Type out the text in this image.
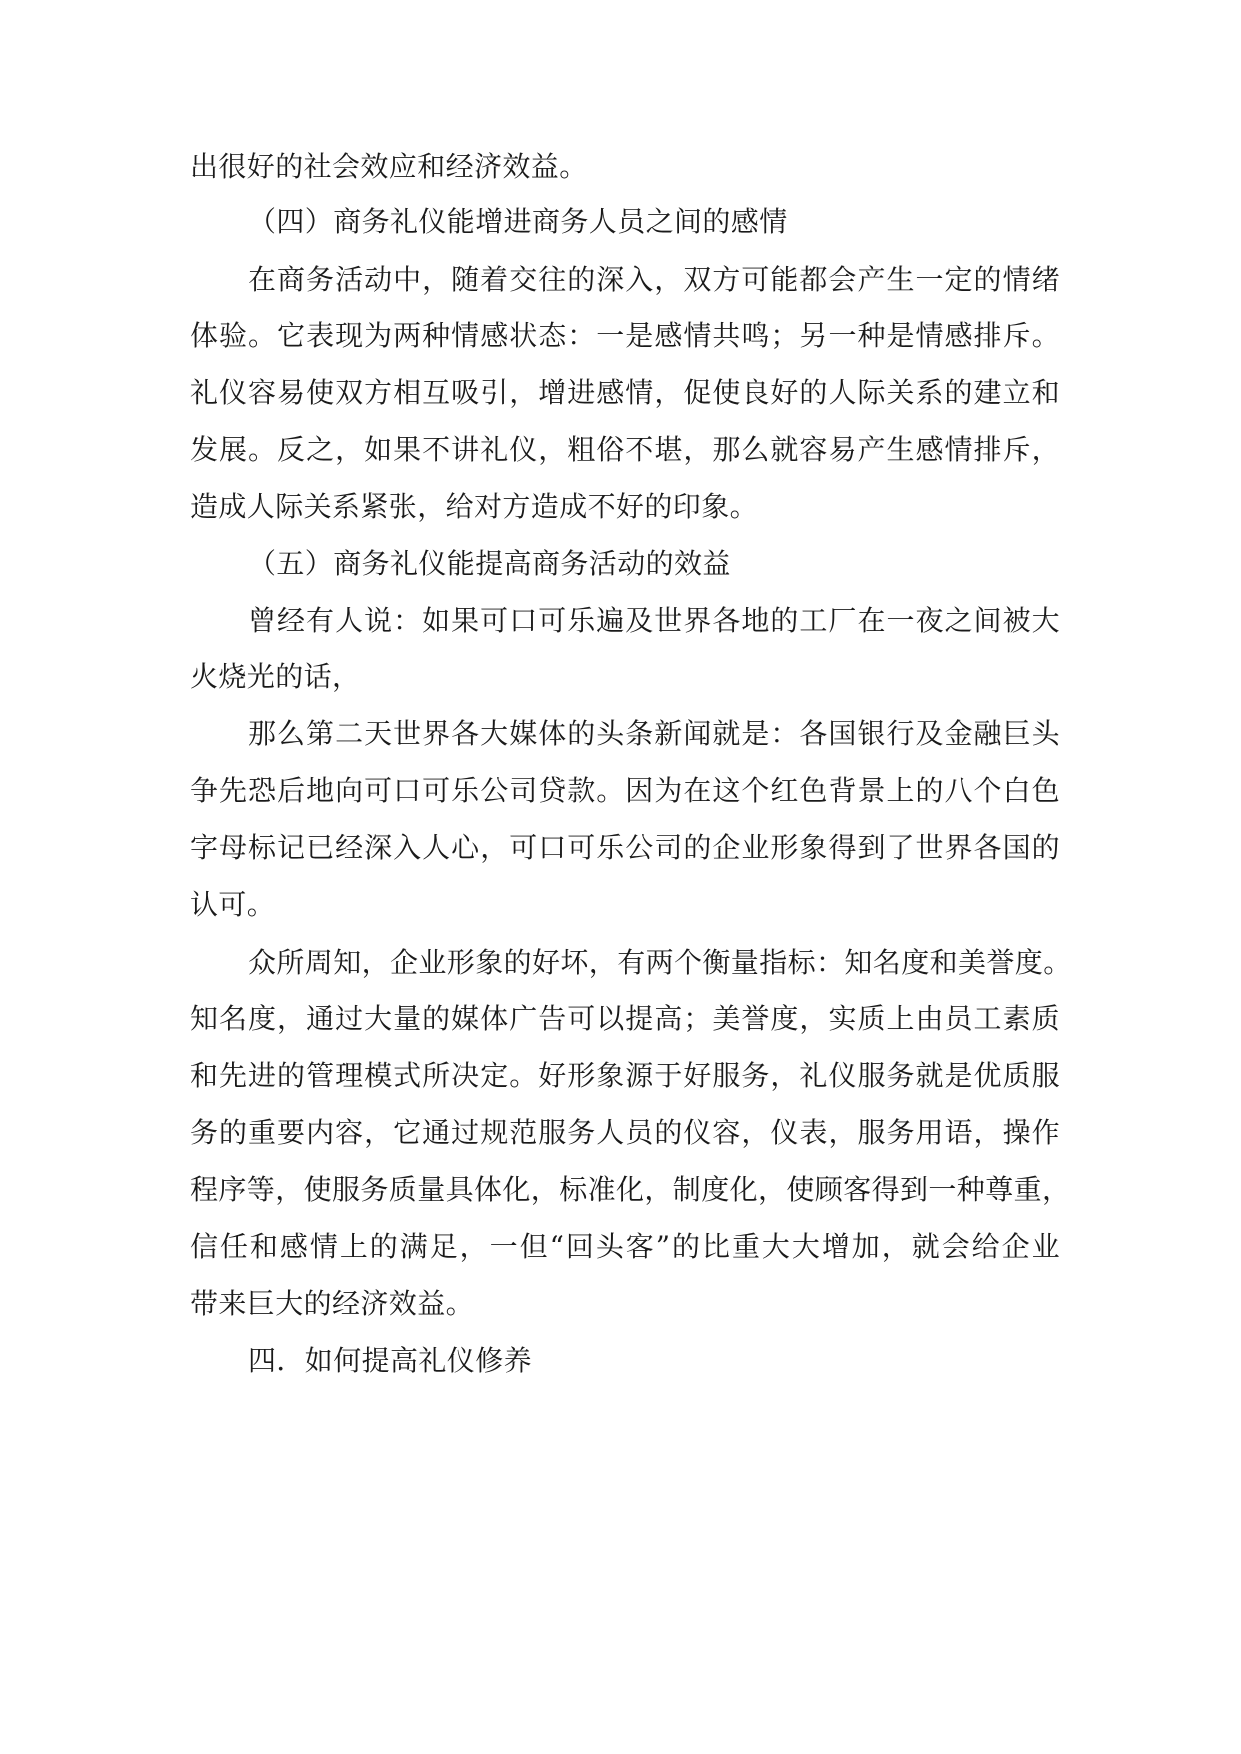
出很好的社会效应和经济效益。
（四）商务礼仪能增进商务人员之间的感情
在商务活动中，随着交往的深入，双方可能都会产生一定的情绪
体验。它表现为两种情感状态：一是感情共鸣；另一种是情感排斥。
礼仪容易使双方相互吸引，增进感情，促使良好的人际关系的建立和
发展。反之，如果不讲礼仪，粗俗不堪，那么就容易产生感情排斥，
造成人际关系紧张，给对方造成不好的印象。
（五）商务礼仪能提高商务活动的效益
曾经有人说：如果可口可乐遍及世界各地的工厂在一夜之间被大
火烧光的话，
那么第二天世界各大媒体的头条新闻就是：各国银行及金融巨头
争先恐后地向可口可乐公司贷款。因为在这个红色背景上的八个白色
字母标记已经深入人心，可口可乐公司的企业形象得到了世界各国的
认可。
众所周知，企业形象的好坏，有两个衡量指标：知名度和美誉度。
知名度，通过大量的媒体广告可以提高；美誉度，实质上由员工素质
和先进的管理模式所决定。好形象源于好服务，礼仪服务就是优质服
务的重要内容，它通过规范服务人员的仪容，仪表，服务用语，操作
程序等，使服务质量具体化，标准化，制度化，使顾客得到一种尊重，
信任和感情上的满足，一但“回头客”的比重大大增加，就会给企业
带来巨大的经济效益。
四．如何提高礼仪修养
